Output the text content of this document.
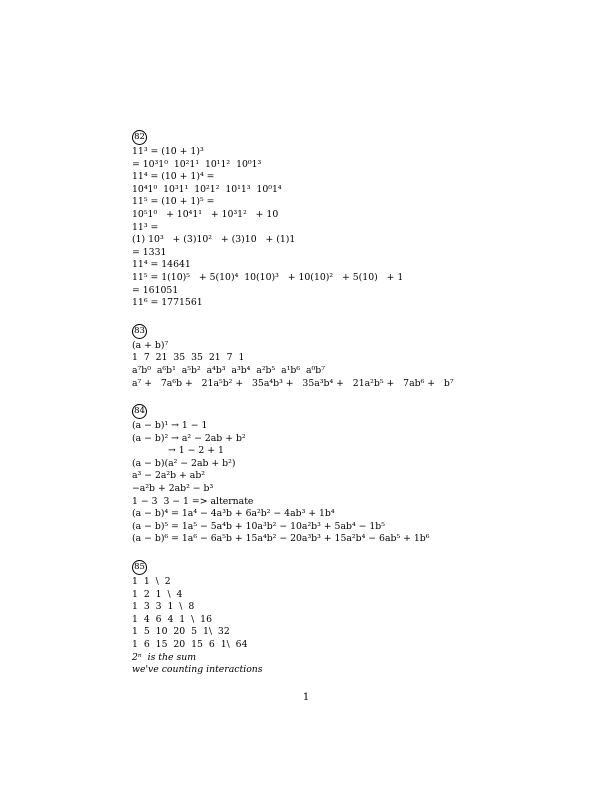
82
11³ = (10 + 1)³
= 10³1⁰  10²1¹  10¹1²  10⁰1³
11⁴ = (10 + 1)⁴ =
10⁴1⁰  10³1¹  10²1²  10¹1³  10⁰1⁴
11⁵ = (10 + 1)⁵ =
10⁵1⁰   + 10⁴1¹   + 10³1²   + 10
11³ =
(1) 10³   + (3)10²   + (3)10   + (1)1
= 1331
11⁴ = 14641
11⁵ = 1(10)⁵   + 5(10)⁴  10(10)³   + 10(10)²   + 5(10)   + 1
= 161051
11⁶ = 1771561
83
(a + b)⁷
1  7  21  35  35  21  7  1
a⁷b⁰  a⁶b¹  a⁵b²  a⁴b³  a³b⁴  a²b⁵  a¹b⁶  a⁰b⁷
a⁷ +   7a⁶b +   21a⁵b² +   35a⁴b³ +   35a³b⁴ +   21a²b⁵ +   7ab⁶ +   b⁷
84
(a − b)¹ → 1 − 1
(a − b)² → a² − 2ab + b²
→ 1 − 2 + 1
(a − b)(a² − 2ab + b²)
a³ − 2a²b + ab²
−a²b + 2ab² − b³
1 − 3  3 − 1 => alternate
(a − b)⁴ = 1a⁴ − 4a³b + 6a²b² − 4ab³ + 1b⁴
(a − b)⁵ = 1a⁵ − 5a⁴b + 10a³b² − 10a²b³ + 5ab⁴ − 1b⁵
(a − b)⁶ = 1a⁶ − 6a⁵b + 15a⁴b² − 20a³b³ + 15a²b⁴ − 6ab⁵ + 1b⁶
85
1  1  \  2
1  2  1  \  4
1  3  3  1  \  8
1  4  6  4  1  \  16
1  5  10  20  5  1\  32
1  6  15  20  15  6  1\  64
2ⁿ  is the sum
we've counting interactions
1
